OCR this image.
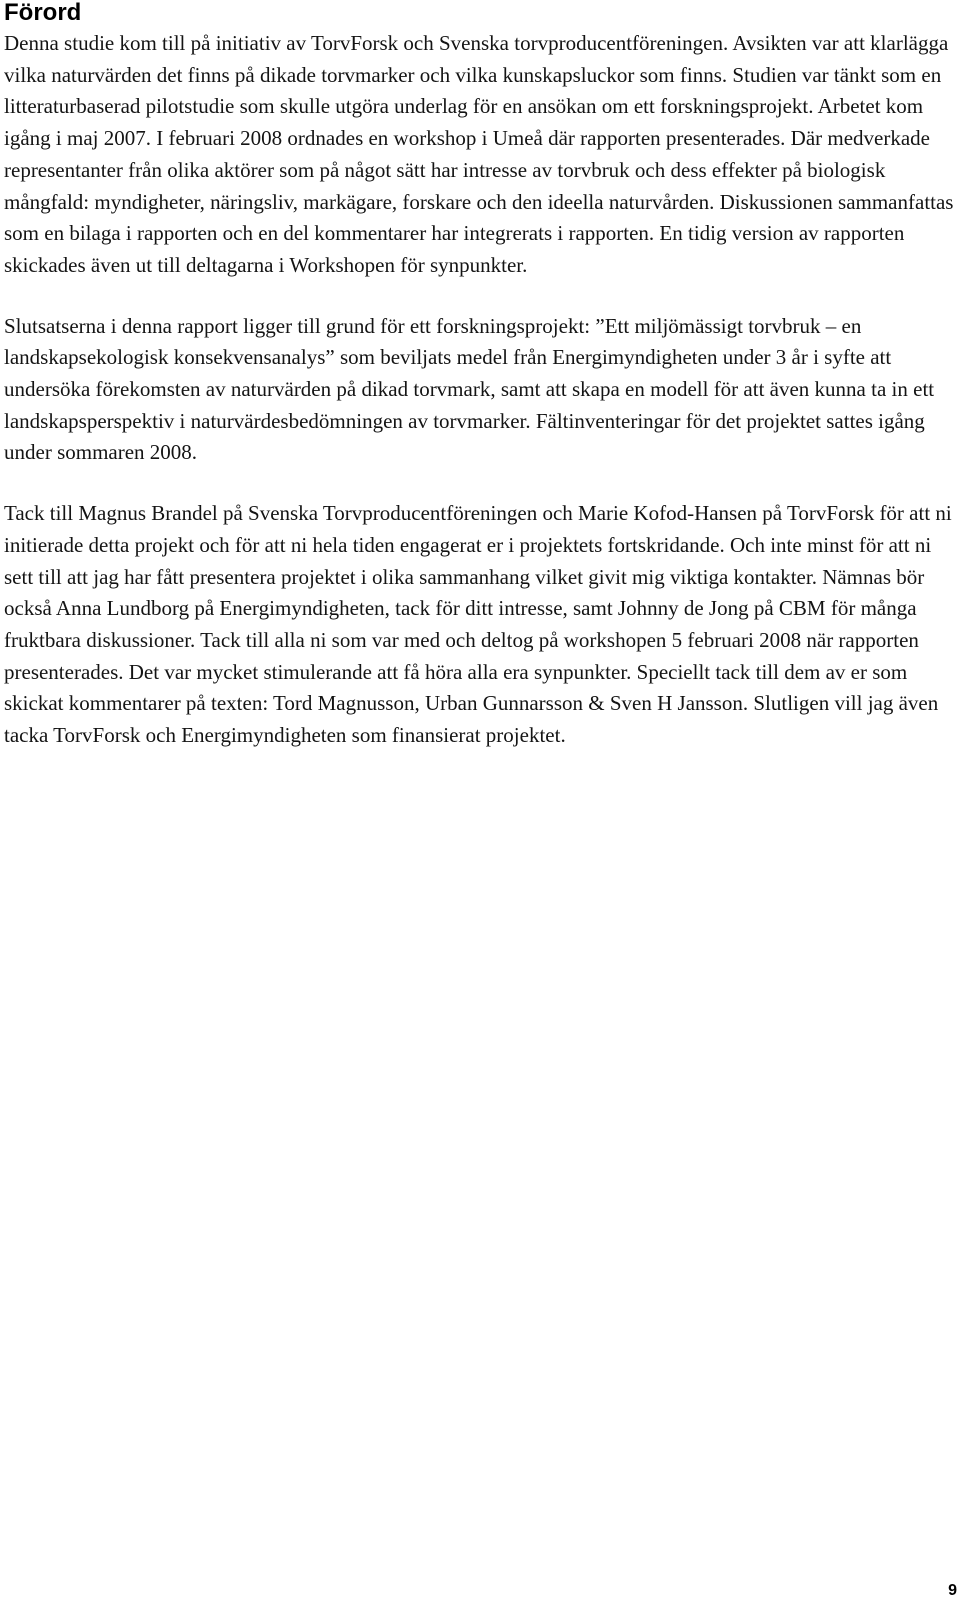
Förord

Denna studie kom till på initiativ av TorvForsk och Svenska torvproducentföreningen. Avsikten var att klarlägga vilka naturvärden det finns på dikade torvmarker och vilka kunskapsluckor som finns. Studien var tänkt som en litteraturbaserad pilotstudie som skulle utgöra underlag för en ansökan om ett forskningsprojekt. Arbetet kom igång i maj 2007. I februari 2008 ordnades en workshop i Umeå där rapporten presenterades. Där medverkade representanter från olika aktörer som på något sätt har intresse av torvbruk och dess effekter på biologisk mångfald: myndigheter, näringsliv, markägare, forskare och den ideella naturvården. Diskussionen sammanfattas som en bilaga i rapporten och en del kommentarer har integrerats i rapporten. En tidig version av rapporten skickades även ut till deltagarna i Workshopen för synpunkter.

Slutsatserna i denna rapport ligger till grund för ett forskningsprojekt: ”Ett miljömässigt torvbruk – en landskapsekologisk konsekvensanalys” som beviljats medel från Energimyndigheten under 3 år i syfte att undersöka förekomsten av naturvärden på dikad torvmark, samt att skapa en modell för att även kunna ta in ett landskapsperspektiv i naturvärdesbedömningen av torvmarker. Fältinventeringar för det projektet sattes igång under sommaren 2008.

Tack till Magnus Brandel på Svenska Torvproducentföreningen och Marie Kofod-Hansen på TorvForsk för att ni initierade detta projekt och för att ni hela tiden engagerat er i projektets fortskridande. Och inte minst för att ni sett till att jag har fått presentera projektet i olika sammanhang vilket givit mig viktiga kontakter. Nämnas bör också Anna Lundborg på Energimyndigheten, tack för ditt intresse, samt Johnny de Jong på CBM för många fruktbara diskussioner. Tack till alla ni som var med och deltog på workshopen 5 februari 2008 när rapporten presenterades. Det var mycket stimulerande att få höra alla era synpunkter. Speciellt tack till dem av er som skickat kommentarer på texten: Tord Magnusson, Urban Gunnarsson & Sven H Jansson. Slutligen vill jag även tacka TorvForsk och Energimyndigheten som finansierat projektet.

9
